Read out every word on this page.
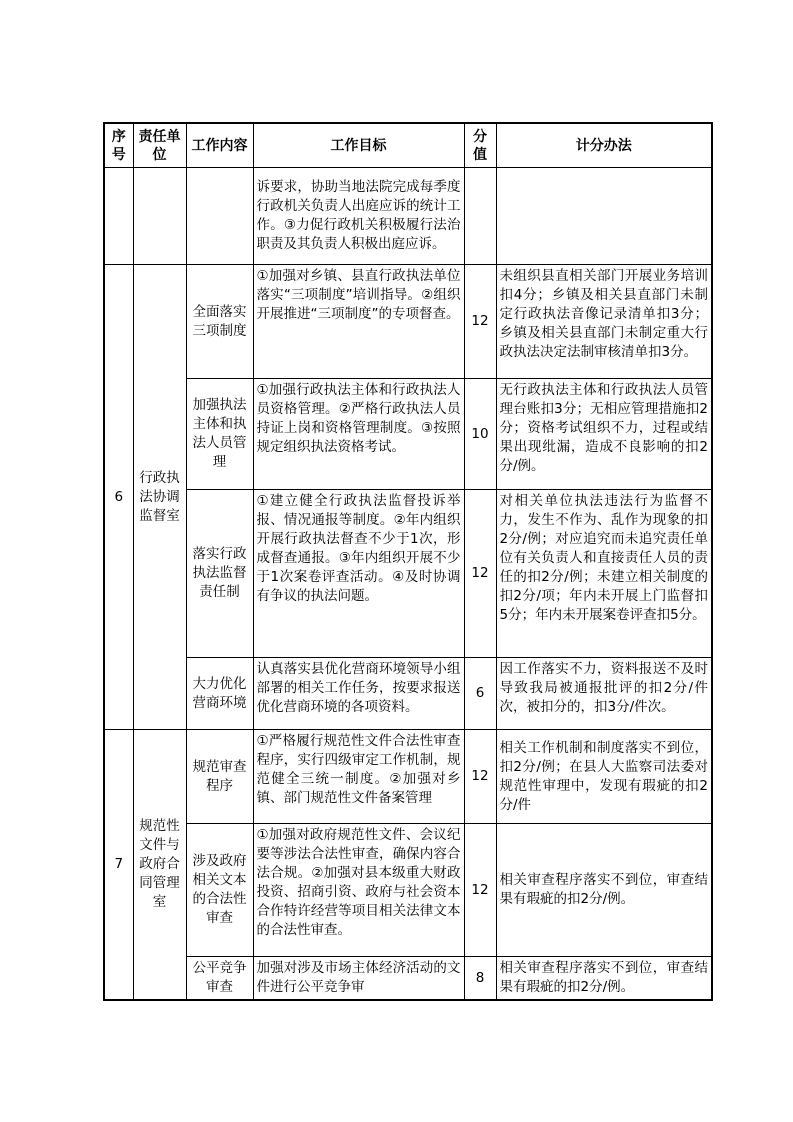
序号	责任单位	工作内容	工作目标	分值	计分办法
			诉要求，协助当地法院完成每季度行政机关负责人出庭应诉的统计工作。③力促行政机关积极履行法治职责及其负责人积极出庭应诉。		
6	行政执法协调监督室	全面落实三项制度	①加强对乡镇、县直行政执法单位落实“三项制度”培训指导。②组织开展推进“三项制度”的专项督查。	12	未组织县直相关部门开展业务培训扣4分；乡镇及相关县直部门未制定行政执法音像记录清单扣3分；乡镇及相关县直部门未制定重大行政执法决定法制审核清单扣3分。
		加强执法主体和执法人员管理	①加强行政执法主体和行政执法人员资格管理。②严格行政执法人员持证上岗和资格管理制度。③按照规定组织执法资格考试。	10	无行政执法主体和行政执法人员管理台账扣3分；无相应管理措施扣2分；资格考试组织不力，过程或结果出现纰漏，造成不良影响的扣2分/例。
		落实行政执法监督责任制	①建立健全行政执法监督投诉举报、情况通报等制度。②年内组织开展行政执法督查不少于1次，形成督查通报。③年内组织开展不少于1次案卷评查活动。④及时协调有争议的执法问题。	12	对相关单位执法违法行为监督不力，发生不作为、乱作为现象的扣2分/例；对应追究而未追究责任单位有关负责人和直接责任人员的责任的扣2分/例；未建立相关制度的扣2分/项；年内未开展上门监督扣5分；年内未开展案卷评查扣5分。
		大力优化营商环境	认真落实县优化营商环境领导小组部署的相关工作任务，按要求报送优化营商环境的各项资料。	6	因工作落实不力，资料报送不及时导致我局被通报批评的扣2分/件次，被扣分的，扣3分/件次。
7	规范性文件与政府合同管理室	规范审查程序	①严格履行规范性文件合法性审查程序，实行四级审定工作机制，规范健全三统一制度。②加强对乡镇、部门规范性文件备案管理	12	相关工作机制和制度落实不到位，扣2分/例；在县人大监察司法委对规范性审理中，发现有瑕疵的扣2分/件
		涉及政府相关文本的合法性审查	①加强对政府规范性文件、会议纪要等涉法合法性审查，确保内容合法合规。②加强对县本级重大财政投资、招商引资、政府与社会资本合作特许经营等项目相关法律文本的合法性审查。	12	相关审查程序落实不到位，审查结果有瑕疵的扣2分/例。
		公平竞争审查	加强对涉及市场主体经济活动的文件进行公平竞争审	8	相关审查程序落实不到位，审查结果有瑕疵的扣2分/例。
